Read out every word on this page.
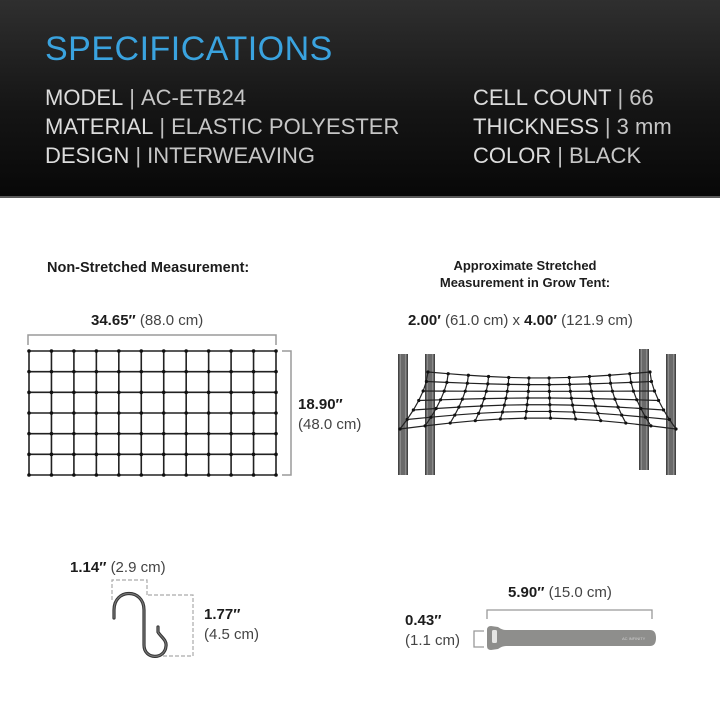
SPECIFICATIONS
MODEL | AC-ETB24
MATERIAL | ELASTIC POLYESTER
DESIGN | INTERWEAVING
CELL COUNT | 66
THICKNESS | 3 mm
COLOR | BLACK
Non-Stretched Measurement:
34.65″ (88.0 cm)
18.90″
(48.0 cm)
Approximate Stretched
Measurement in Grow Tent:
2.00′ (61.0 cm) x 4.00′ (121.9 cm)
1.14″ (2.9 cm)
1.77″
(4.5 cm)
5.90″ (15.0 cm)
0.43″
(1.1 cm)	AC INFINITY
